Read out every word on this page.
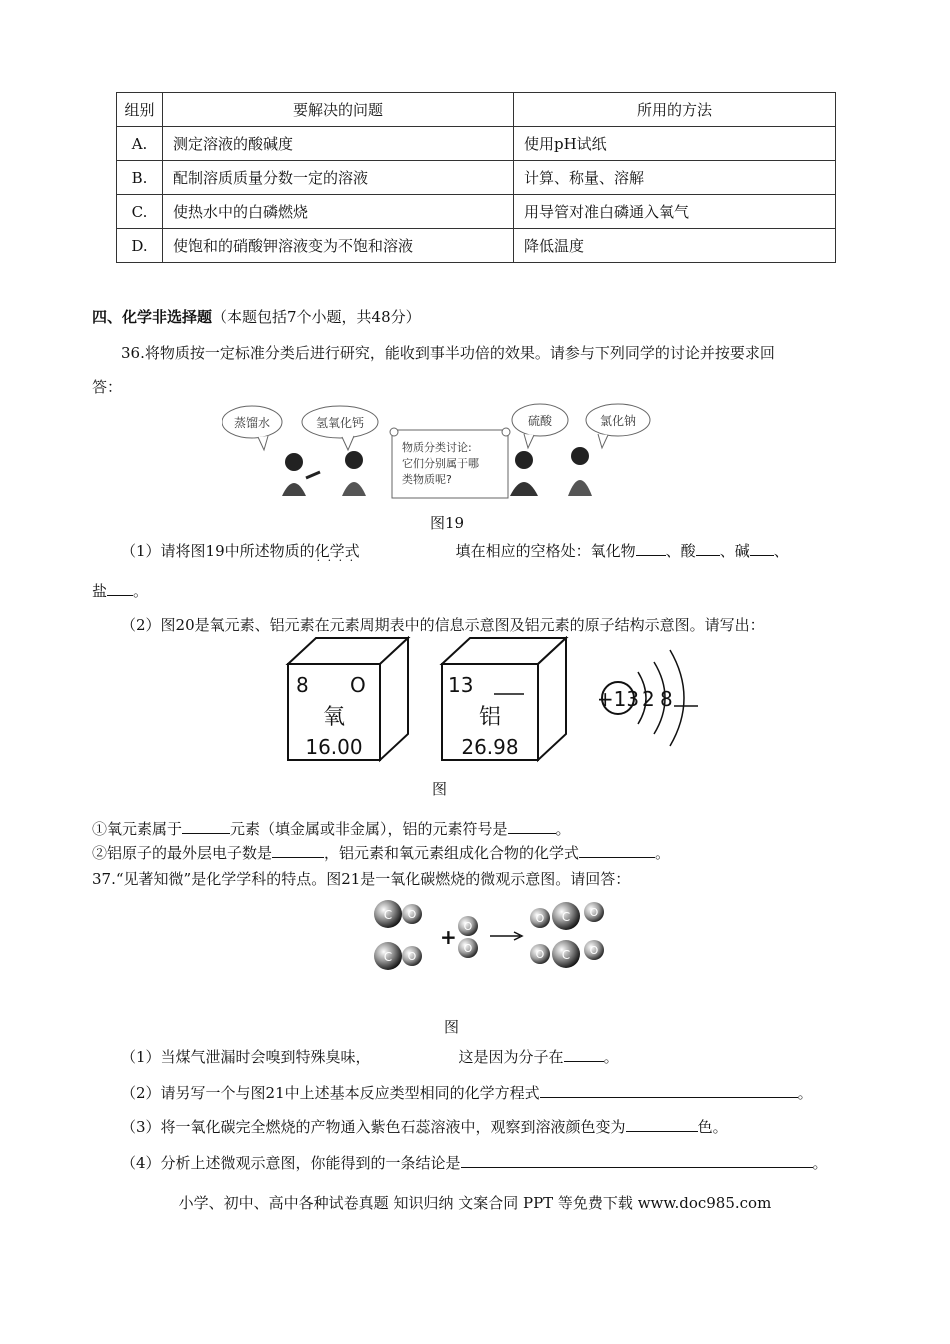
组别	要解决的问题	所用的方法
A.	测定溶液的酸碱度	使用pH试纸
B.	配制溶质质量分数一定的溶液	计算、称量、溶解
C.	使热水中的白磷燃烧	用导管对准白磷通入氧气
D.	使饱和的硝酸钾溶液变为不饱和溶液	降低温度
四、化学非选择题（本题包括7个小题，共48分）
36.将物质按一定标准分类后进行研究，能收到事半功倍的效果。请参与下列同学的讨论并按要求回
答：
蒸馏水	氢氧化钙
物质分类讨论:
它们分别属于哪
类物质呢?
硫酸	氯化钠
图19
（1）请将图19中所述物质的化学式 · · · ·	填在相应的空格处：氧化物 、酸 、碱 、
盐 。
（2）图20是氧元素、铝元素在元素周期表中的信息示意图及铝元素的原子结构示意图。请写出：
8 O
氧
16.00
13
铝
26.98
+13 2 8
图
①氧元素属于	元素（填金属或非金属），铝的元素符号是	。
②铝原子的最外层电子数是	，铝元素和氧元素组成化合物的化学式	。
37.“见著知微”是化学学科的特点。图21是一氧化碳燃烧的微观示意图。请回答：
C O
C O
+ O
O
O C O
O C O
图
（1）当煤气泄漏时会嗅到特殊臭味，	这是因为分子在	。
（2）请另写一个与图21中上述基本反应类型相同的化学方程式	。
（3）将一氧化碳完全燃烧的产物通入紫色石蕊溶液中，观察到溶液颜色变为	色。
（4）分析上述微观示意图，你能得到的一条结论是	。
小学、初中、高中各种试卷真题 知识归纳 文案合同 PPT 等免费下载 www.doc985.com
